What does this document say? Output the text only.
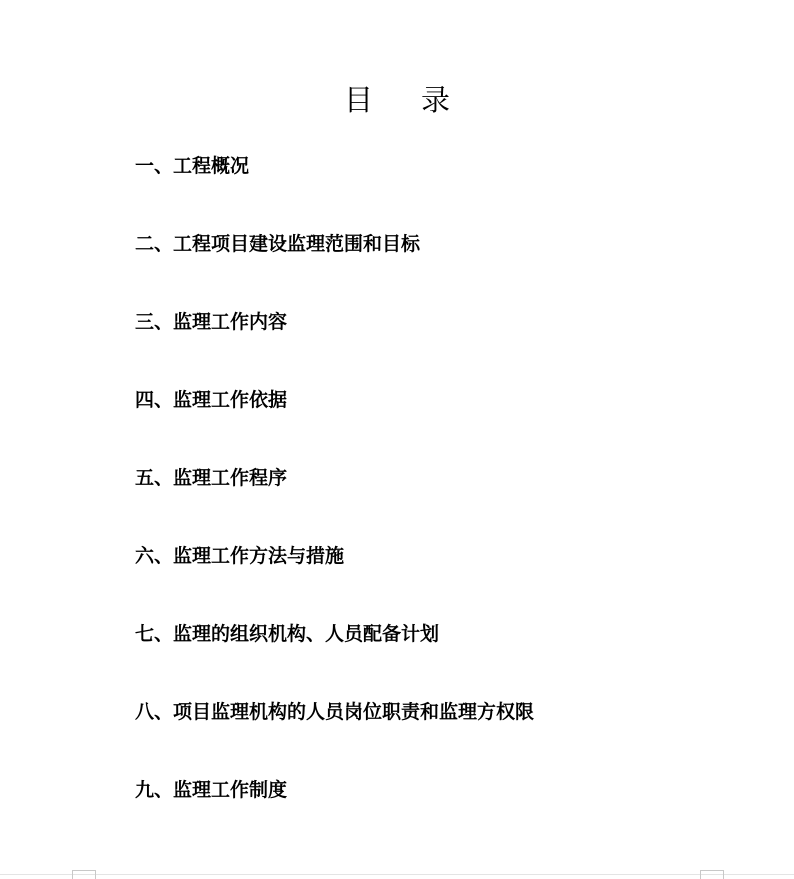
目 录
一、工程概况
二、工程项目建设监理范围和目标
三、监理工作内容
四、监理工作依据
五、监理工作程序
六、监理工作方法与措施
七、监理的组织机构、人员配备计划
八、项目监理机构的人员岗位职责和监理方权限
九、监理工作制度
